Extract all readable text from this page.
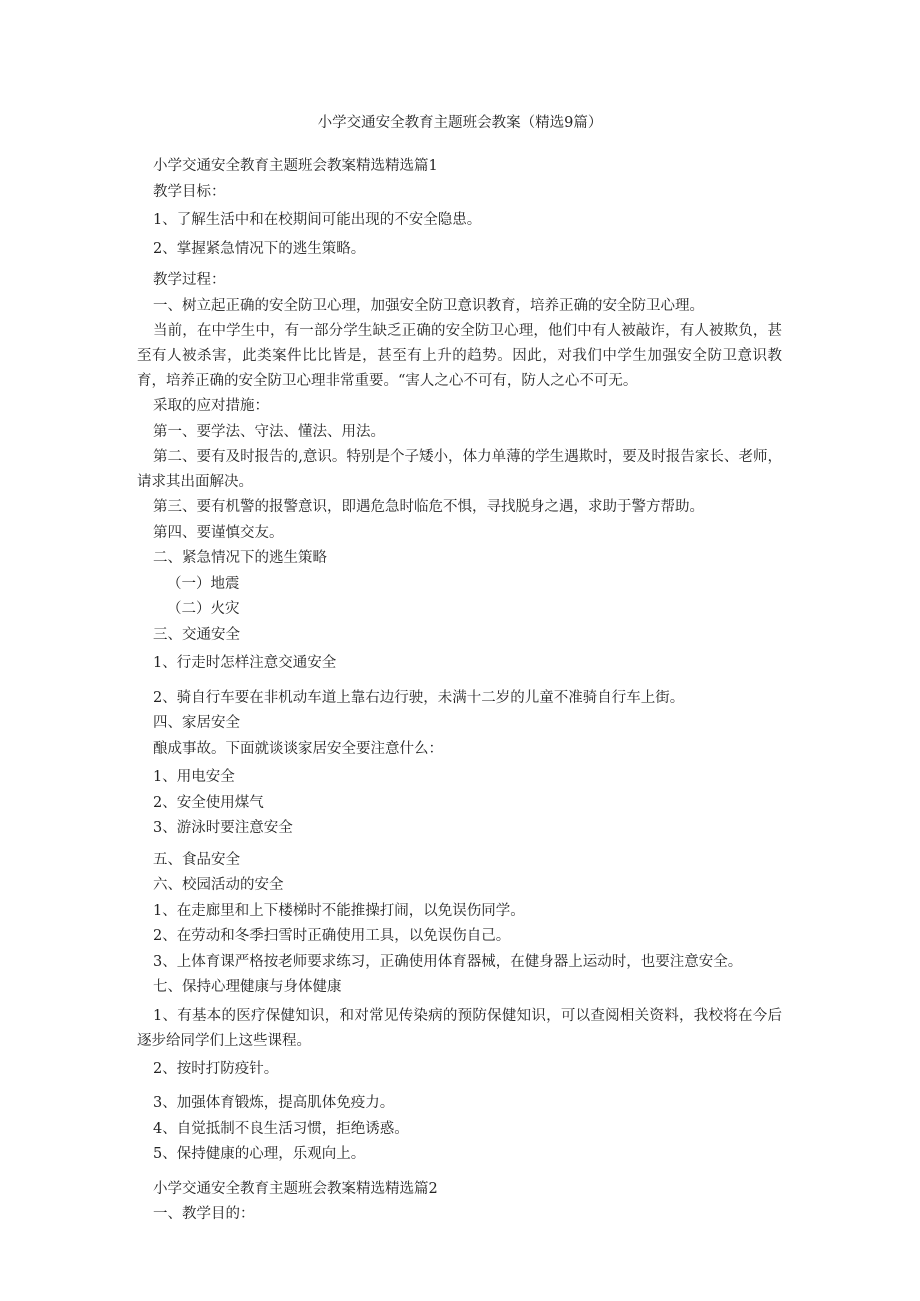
小学交通安全教育主题班会教案（精选9篇）

小学交通安全教育主题班会教案精选精选篇1

教学目标：

1、了解生活中和在校期间可能出现的不安全隐患。

2、掌握紧急情况下的逃生策略。

教学过程：

一、树立起正确的安全防卫心理，加强安全防卫意识教育，培养正确的安全防卫心理。

当前，在中学生中，有一部分学生缺乏正确的安全防卫心理，他们中有人被敲诈，有人被欺负，甚至有人被杀害，此类案件比比皆是，甚至有上升的趋势。因此，对我们中学生加强安全防卫意识教育，培养正确的安全防卫心理非常重要。“害人之心不可有，防人之心不可无。

采取的应对措施：

第一、要学法、守法、懂法、用法。

第二、要有及时报告的,意识。特别是个子矮小，体力单薄的学生遇欺时，要及时报告家长、老师，请求其出面解决。

第三、要有机警的报警意识，即遇危急时临危不惧，寻找脱身之遇，求助于警方帮助。

第四、要谨慎交友。

二、紧急情况下的逃生策略

（一）地震

（二）火灾

三、交通安全

1、行走时怎样注意交通安全

2、骑自行车要在非机动车道上靠右边行驶，未满十二岁的儿童不准骑自行车上街。

四、家居安全

酿成事故。下面就谈谈家居安全要注意什么：

1、用电安全

2、安全使用煤气

3、游泳时要注意安全

五、食品安全

六、校园活动的安全

1、在走廊里和上下楼梯时不能推操打闹，以免误伤同学。

2、在劳动和冬季扫雪时正确使用工具，以免误伤自己。

3、上体育课严格按老师要求练习，正确使用体育器械，在健身器上运动时，也要注意安全。

七、保持心理健康与身体健康

1、有基本的医疗保健知识，和对常见传染病的预防保健知识，可以查阅相关资料，我校将在今后逐步给同学们上这些课程。

2、按时打防疫针。

3、加强体育锻炼，提高肌体免疫力。

4、自觉抵制不良生活习惯，拒绝诱惑。

5、保持健康的心理，乐观向上。

小学交通安全教育主题班会教案精选精选篇2

一、教学目的：
